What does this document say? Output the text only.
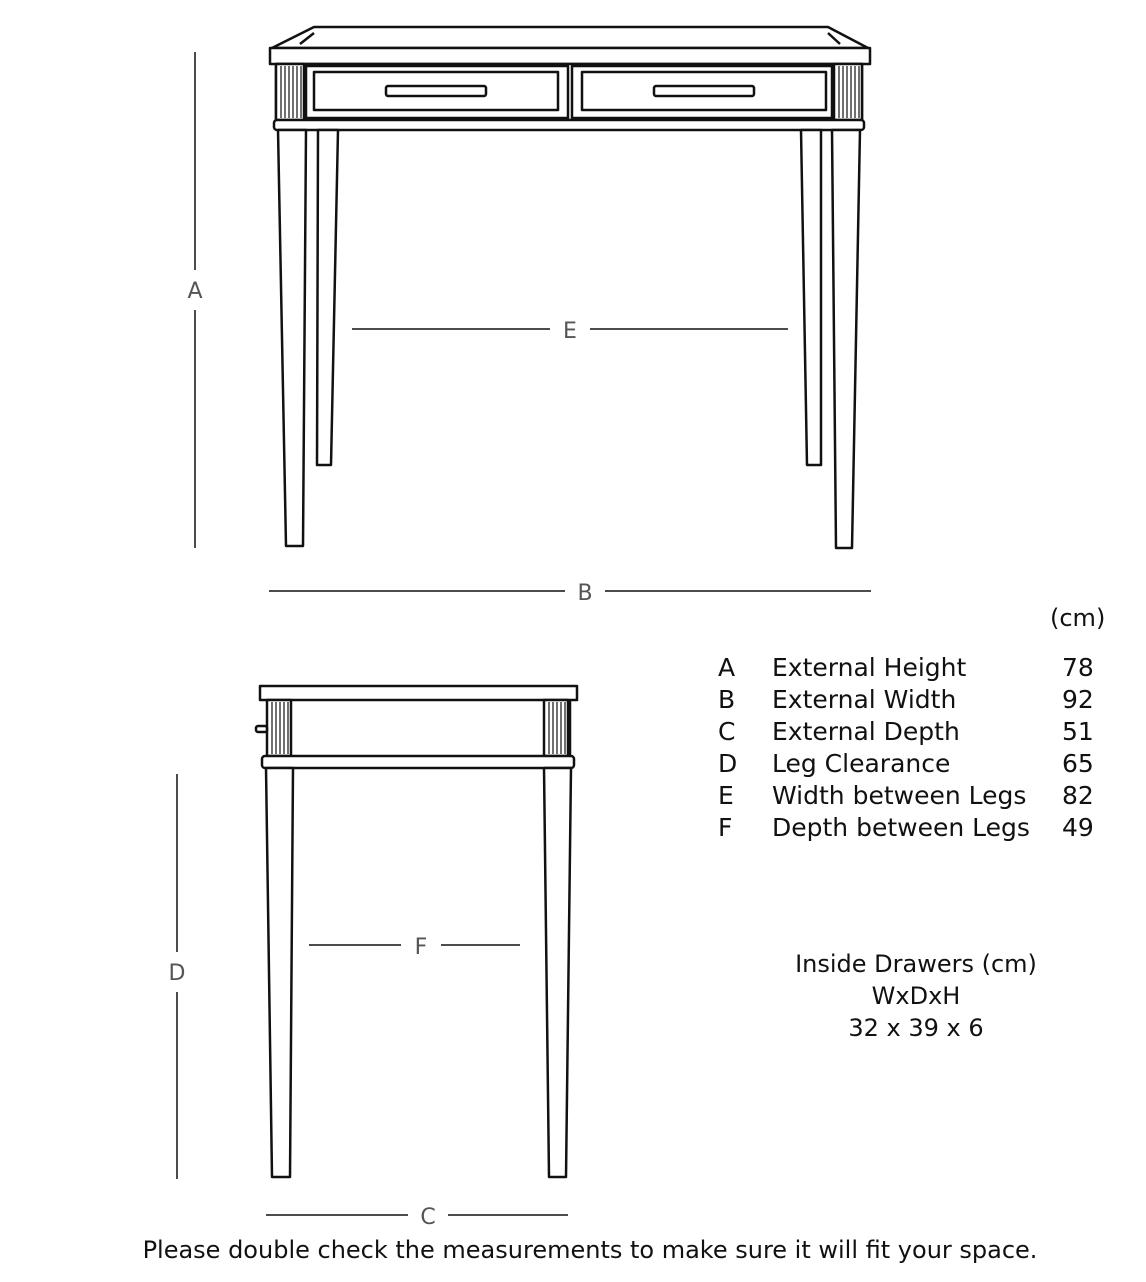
A
E
B
D
F
C
(cm)
A	External Height	78
B	External Width	92
C	External Depth	51
D	Leg Clearance	65
E	Width between Legs	82
F	Depth between Legs	49
Inside Drawers (cm)
WxDxH
32 x 39 x 6
Please double check the measurements to make sure it will fit your space.
